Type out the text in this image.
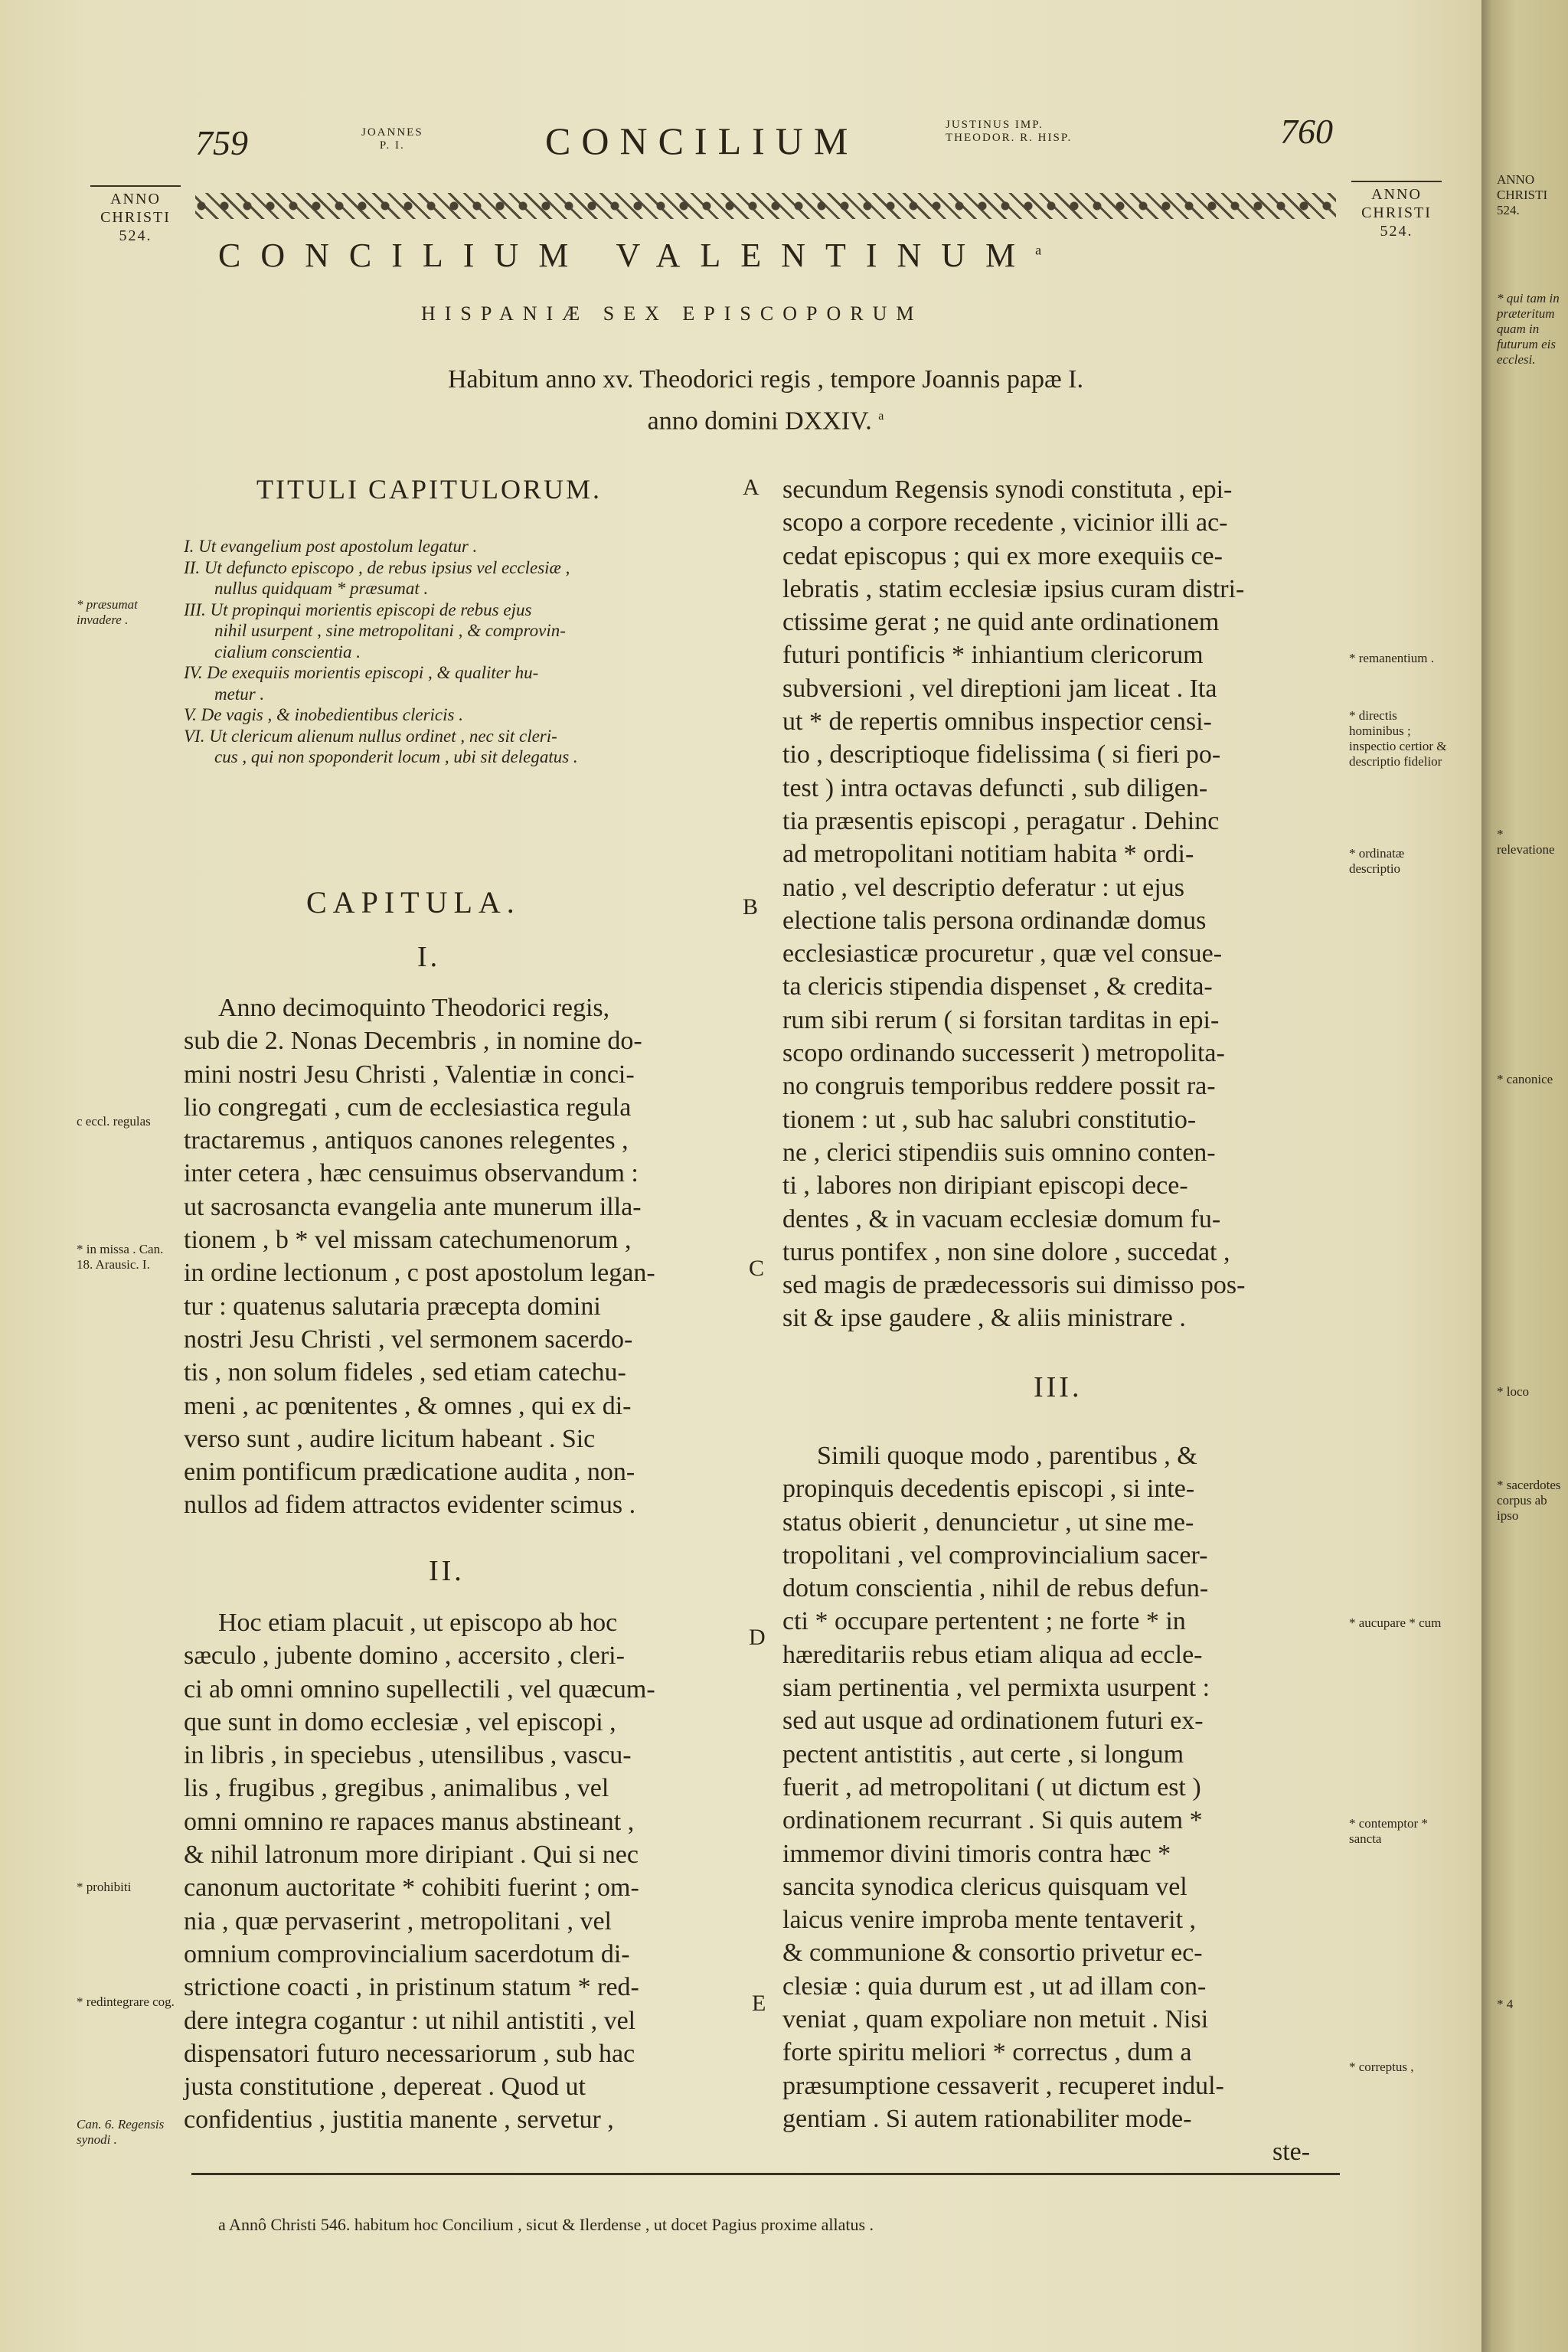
759	JOANNES
P. I.	CONCILIUM	JUSTINUS IMP.
THEODOR. R. HISP.	760
ANNO
CHRISTI
524.
ANNO
CHRISTI
524.
CONCILIUM VALENTINUM$^a$
HISPANIÆ SEX EPISCOPORUM
Habitum anno xv. Theodorici regis , tempore Joannis papæ I.
anno domini DXXIV. $^a$
TITULI CAPITULORUM.

I. Ut evangelium post apostolum legatur .

II. Ut defuncto episcopo , de rebus ipsius vel ecclesiæ ,

nullus quidquam * præsumat .

III. Ut propinqui morientis episcopi de rebus ejus

nihil usurpent , sine metropolitani , & comprovin-

cialium conscientia .

IV. De exequiis morientis episcopi , & qualiter hu-

metur .

V. De vagis , & inobedientibus clericis .

VI. Ut clericum alienum nullus ordinet , nec sit cleri-

cus , qui non spoponderit locum , ubi sit delegatus .

CAPITULA.
I.

Anno decimoquinto Theodorici regis,

sub die 2. Nonas Decembris , in nomine do-

mini nostri Jesu Christi , Valentiæ in conci-

lio congregati , cum de ecclesiastica regula

tractaremus , antiquos canones relegentes ,

inter cetera , hæc censuimus observandum :

ut sacrosancta evangelia ante munerum illa-

tionem , b * vel missam catechumenorum ,

in ordine lectionum , c post apostolum legan-

tur : quatenus salutaria præcepta domini

nostri Jesu Christi , vel sermonem sacerdo-

tis , non solum fideles , sed etiam catechu-

meni , ac pœnitentes , & omnes , qui ex di-

verso sunt , audire licitum habeant . Sic

enim pontificum prædicatione audita , non-

nullos ad fidem attractos evidenter scimus .

II.

Hoc etiam placuit , ut episcopo ab hoc

sæculo , jubente domino , accersito , cleri-

ci ab omni omnino supellectili , vel quæcum-

que sunt in domo ecclesiæ , vel episcopi ,

in libris , in speciebus , utensilibus , vascu-

lis , frugibus , gregibus , animalibus , vel

omni omnino re rapaces manus abstineant ,

& nihil latronum more diripiant . Qui si nec

canonum auctoritate * cohibiti fuerint ; om-

nia , quæ pervaserint , metropolitani , vel

omnium comprovincialium sacerdotum di-

strictione coacti , in pristinum statum * red-

dere integra cogantur : ut nihil antistiti , vel

dispensatori futuro necessariorum , sub hac

justa constitutione , depereat . Quod ut

confidentius , justitia manente , servetur ,

A
B
C
D
E

secundum Regensis synodi constituta , epi-

scopo a corpore recedente , vicinior illi ac-

cedat episcopus ; qui ex more exequiis ce-

lebratis , statim ecclesiæ ipsius curam distri-

ctissime gerat ; ne quid ante ordinationem

futuri pontificis * inhiantium clericorum

subversioni , vel direptioni jam liceat . Ita

ut * de repertis omnibus inspectior censi-

tio , descriptioque fidelissima ( si fieri po-

test ) intra octavas defuncti , sub diligen-

tia præsentis episcopi , peragatur . Dehinc

ad metropolitani notitiam habita * ordi-

natio , vel descriptio deferatur : ut ejus

electione talis persona ordinandæ domus

ecclesiasticæ procuretur , quæ vel consue-

ta clericis stipendia dispenset , & credita-

rum sibi rerum ( si forsitan tarditas in epi-

scopo ordinando successerit ) metropolita-

no congruis temporibus reddere possit ra-

tionem : ut , sub hac salubri constitutio-

ne , clerici stipendiis suis omnino conten-

ti , labores non diripiant episcopi dece-

dentes , & in vacuam ecclesiæ domum fu-

turus pontifex , non sine dolore , succedat ,

sed magis de prædecessoris sui dimisso pos-

sit & ipse gaudere , & aliis ministrare .

III.

Simili quoque modo , parentibus , &

propinquis decedentis episcopi , si inte-

status obierit , denuncietur , ut sine me-

tropolitani , vel comprovincialium sacer-

dotum conscientia , nihil de rebus defun-

cti * occupare pertentent ; ne forte * in

hæreditariis rebus etiam aliqua ad eccle-

siam pertinentia , vel permixta usurpent :

sed aut usque ad ordinationem futuri ex-

pectent antistitis , aut certe , si longum

fuerit , ad metropolitani ( ut dictum est )

ordinationem recurrant . Si quis autem *

immemor divini timoris contra hæc *

sancita synodica clericus quisquam vel

laicus venire improba mente tentaverit ,

& communione & consortio privetur ec-

clesiæ : quia durum est , ut ad illam con-

veniat , quam expoliare non metuit . Nisi

forte spiritu meliori * correctus , dum a

præsumptione cessaverit , recuperet indul-

gentiam . Si autem rationabiliter mode-

ste-

* præsumat invadere .
c eccl. regulas
* in missa . Can. 18. Arausic. I.
* prohibiti
* redintegrare cog.
Can. 6. Regensis synodi .
* remanentium .
* directis hominibus ; inspectio certior & descriptio fidelior
* ordinatæ descriptio
* aucupare * cum
* contemptor * sancta
* correptus ,
a Annô Christi 546. habitum hoc Concilium , sicut & Ilerdense , ut docet Pagius proxime allatus .
ANNO CHRISTI 524.
* qui tam in præteritum quam in futurum eis ecclesi.
* relevatione
* canonice
* loco
* sacerdotes corpus ab ipso
* 4
